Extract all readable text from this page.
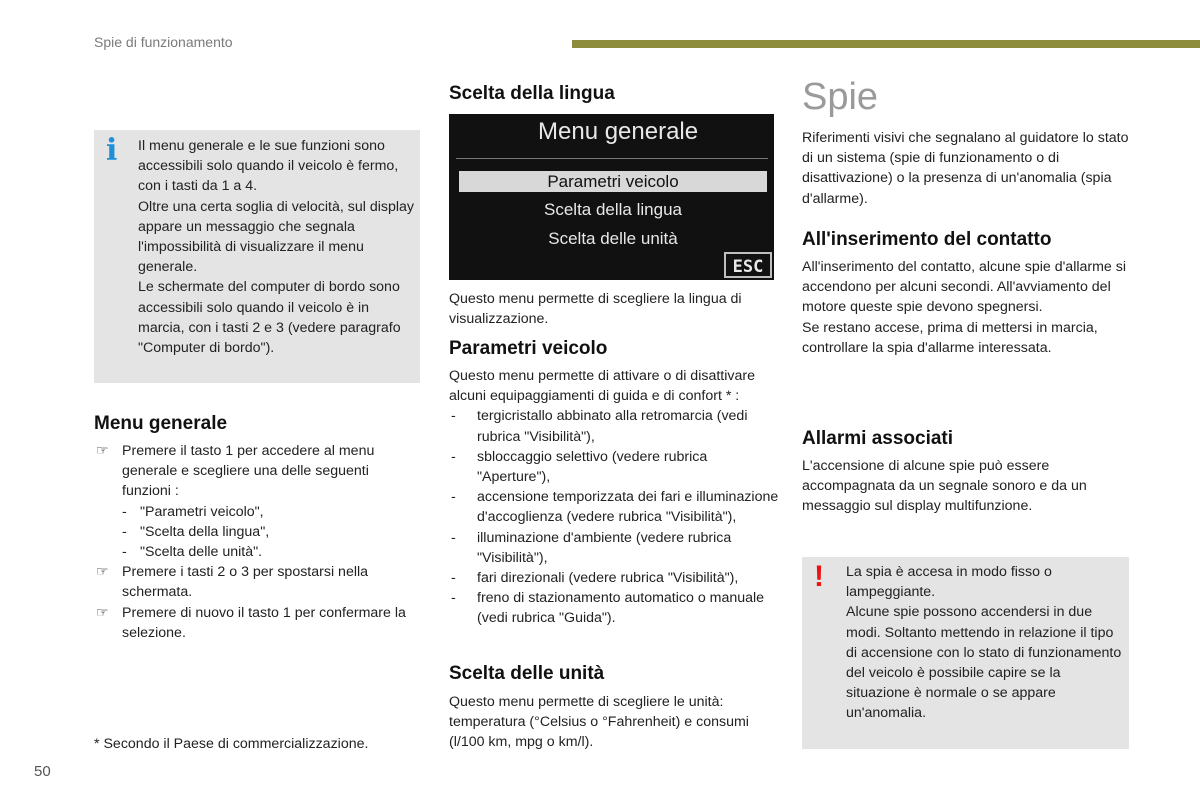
Spie di funzionamento
i	Il menu generale e le sue funzioni sono accessibili solo quando il veicolo è fermo, con i tasti da 1 a 4.
Oltre una certa soglia di velocità, sul display appare un messaggio che segnala l'impossibilità di visualizzare il menu generale.
Le schermate del computer di bordo sono accessibili solo quando il veicolo è in marcia, con i tasti 2 e 3 (vedere paragrafo "Computer di bordo").
Menu generale
☞ Premere il tasto 1 per accedere al menu generale e scegliere una delle seguenti funzioni :
- "Parametri veicolo",
- "Scelta della lingua",
- "Scelta delle unità".
☞ Premere i tasti 2 o 3 per spostarsi nella schermata.
☞ Premere di nuovo il tasto 1 per confermare la selezione.
* Secondo il Paese di commercializzazione.
Scelta della lingua
Menu generale
Parametri veicolo
Scelta della lingua
Scelta delle unità
ESC
Questo menu permette di scegliere la lingua di visualizzazione.
Parametri veicolo
Questo menu permette di attivare o di disattivare alcuni equipaggiamenti di guida e di confort * :
- tergicristallo abbinato alla retromarcia (vedi rubrica "Visibilità"),
- sbloccaggio selettivo (vedere rubrica "Aperture"),
- accensione temporizzata dei fari e illuminazione d'accoglienza (vedere rubrica "Visibilità"),
- illuminazione d'ambiente (vedere rubrica "Visibilità"),
- fari direzionali (vedere rubrica "Visibilità"),
- freno di stazionamento automatico o manuale (vedi rubrica "Guida").
Scelta delle unità
Questo menu permette di scegliere le unità: temperatura (°Celsius o °Fahrenheit) e consumi (l/100 km, mpg o km/l).
Spie
Riferimenti visivi che segnalano al guidatore lo stato di un sistema (spie di funzionamento o di disattivazione) o la presenza di un'anomalia (spia d'allarme).
All'inserimento del contatto
All'inserimento del contatto, alcune spie d'allarme si accendono per alcuni secondi. All'avviamento del motore queste spie devono spegnersi.
Se restano accese, prima di mettersi in marcia, controllare la spia d'allarme interessata.
Allarmi associati
L'accensione di alcune spie può essere accompagnata da un segnale sonoro e da un messaggio sul display multifunzione.
!	La spia è accesa in modo fisso o lampeggiante.
Alcune spie possono accendersi in due modi. Soltanto mettendo in relazione il tipo di accensione con lo stato di funzionamento del veicolo è possibile capire se la situazione è normale o se appare un'anomalia.
50
